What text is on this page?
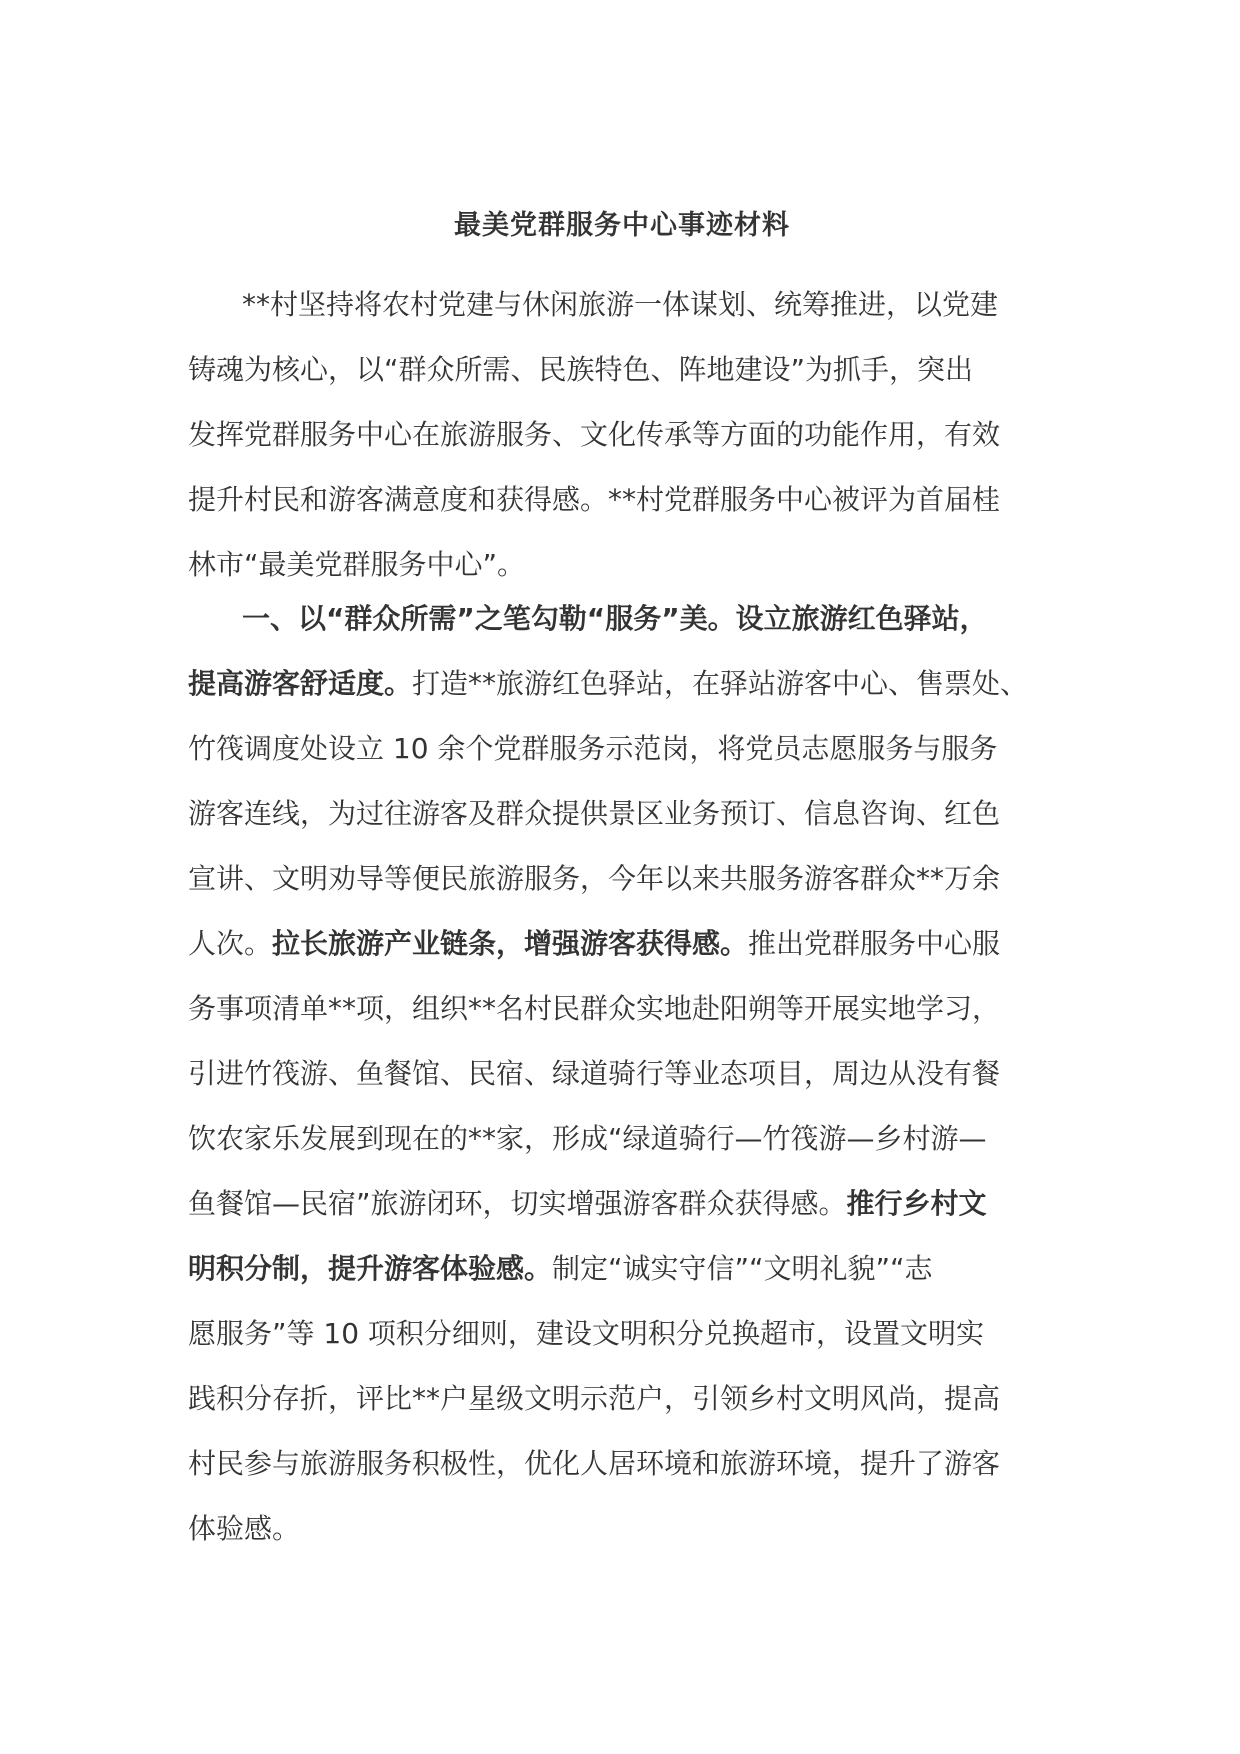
最美党群服务中心事迹材料
**村坚持将农村党建与休闲旅游一体谋划、统筹推进，以党建
铸魂为核心，以“群众所需、民族特色、阵地建设”为抓手，突出
发挥党群服务中心在旅游服务、文化传承等方面的功能作用，有效
提升村民和游客满意度和获得感。**村党群服务中心被评为首届桂
林市“最美党群服务中心”。
一、以“群众所需”之笔勾勒“服务”美。设立旅游红色驿站，
提高游客舒适度。打造**旅游红色驿站，在驿站游客中心、售票处、
竹筏调度处设立 10 余个党群服务示范岗，将党员志愿服务与服务
游客连线，为过往游客及群众提供景区业务预订、信息咨询、红色
宣讲、文明劝导等便民旅游服务，今年以来共服务游客群众**万余
人次。拉长旅游产业链条，增强游客获得感。推出党群服务中心服
务事项清单**项，组织**名村民群众实地赴阳朔等开展实地学习，
引进竹筏游、鱼餐馆、民宿、绿道骑行等业态项目，周边从没有餐
饮农家乐发展到现在的**家，形成“绿道骑行—竹筏游—乡村游—
鱼餐馆—民宿”旅游闭环，切实增强游客群众获得感。推行乡村文
明积分制，提升游客体验感。制定“诚实守信”“文明礼貌”“志
愿服务”等 10 项积分细则，建设文明积分兑换超市，设置文明实
践积分存折，评比**户星级文明示范户，引领乡村文明风尚，提高
村民参与旅游服务积极性，优化人居环境和旅游环境，提升了游客
体验感。
